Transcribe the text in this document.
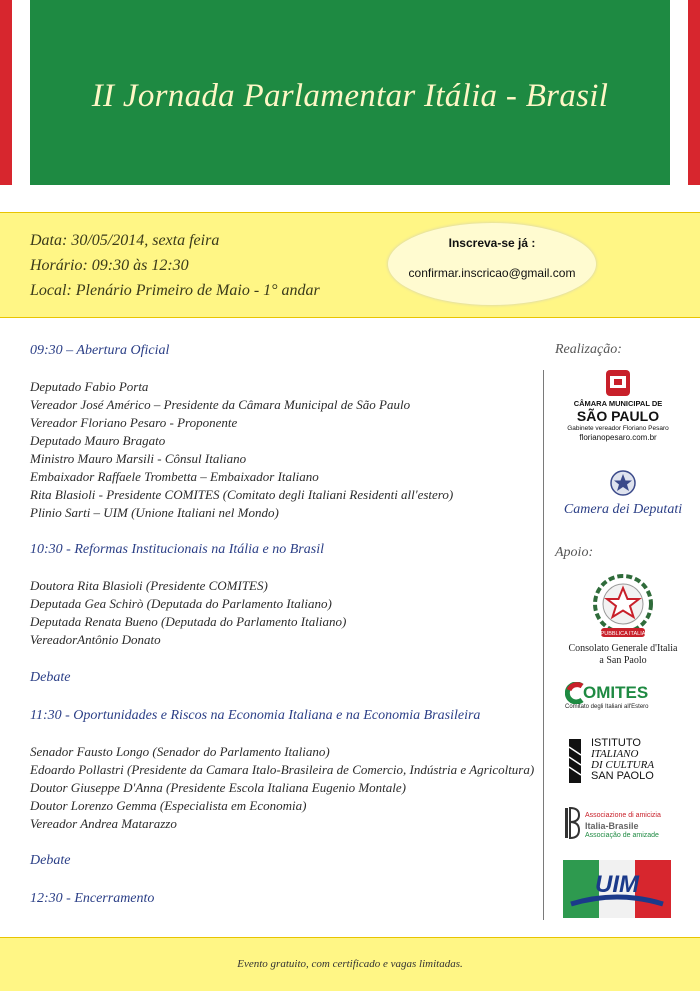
II Jornada Parlamentar Itália - Brasil
Data: 30/05/2014, sexta feira
Horário: 09:30 às 12:30
Local: Plenário Primeiro de Maio - 1° andar
Inscreva-se já :
confirmar.inscricao@gmail.com
09:30 – Abertura Oficial
Deputado Fabio Porta
Vereador José Américo – Presidente da Câmara Municipal de São Paulo
Vereador Floriano Pesaro - Proponente
Deputado Mauro Bragato
Ministro Mauro Marsili - Cônsul Italiano
Embaixador Raffaele Trombetta – Embaixador Italiano
Rita Blasioli - Presidente COMITES (Comitato degli Italiani Residenti all'estero)
Plinio Sarti – UIM (Unione Italiani nel Mondo)
10:30 - Reformas Institucionais na Itália e no Brasil
Doutora Rita Blasioli (Presidente COMITES)
Deputada Gea Schirò (Deputada do Parlamento Italiano)
Deputada Renata Bueno (Deputada do Parlamento Italiano)
VereadorAntônio Donato
Debate
11:30 - Oportunidades e Riscos na Economia Italiana e na Economia Brasileira
Senador Fausto Longo (Senador do Parlamento Italiano)
Edoardo Pollastri (Presidente da Camara Italo-Brasileira de Comercio, Indústria e Agricoltura)
Doutor Giuseppe D'Anna (Presidente Escola Italiana Eugenio Montale)
Doutor Lorenzo Gemma (Especialista em Economia)
Vereador Andrea Matarazzo
Debate
12:30 - Encerramento
Realização:
CÂMARA MUNICIPAL DE
SÃO PAULO
Gabinete vereador Floriano Pesaro
florianopesaro.com.br
Camera dei Deputati
Apoio:
REPUBBLICA ITALIANA
Consolato Generale d'Italia
a San Paolo
OMITES
Comitato degli Italiani all'Estero
ISTITUTO
ITALIANO
DI CULTURA
SAN PAOLO
Associazione di amicizia
Italia-Brasile
Associação de amizade
UIM
Evento gratuito, com certificado e vagas limitadas.
